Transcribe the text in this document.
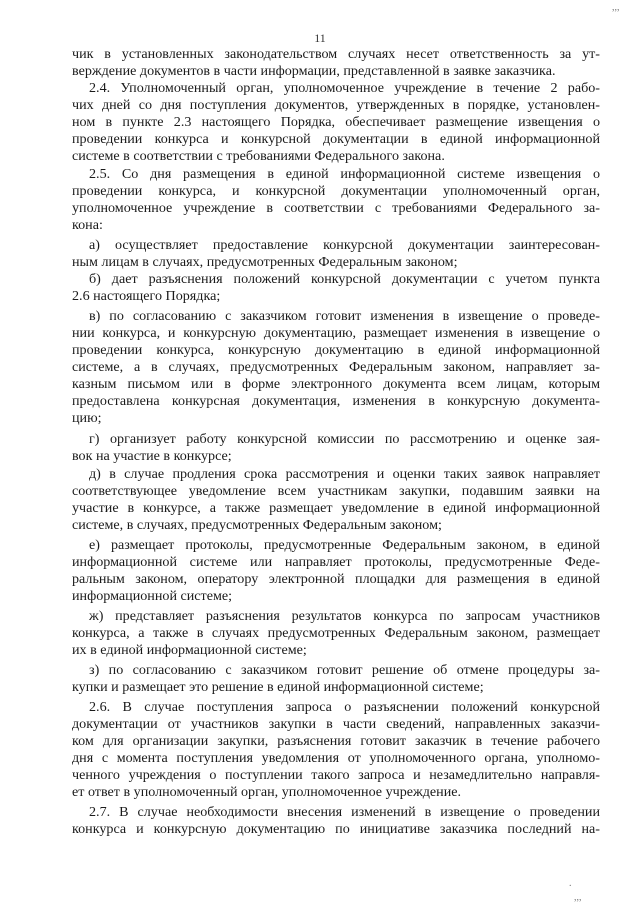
11

чик в установленных законодательством случаях несет ответственность за ут-

верждение документов в части информации, представленной в заявке заказчика.

2.4. Уполномоченный орган, уполномоченное учреждение в течение 2 рабо-

чих дней со дня поступления документов, утвержденных в порядке, установлен-

ном в пункте 2.3 настоящего Порядка, обеспечивает размещение извещения о

проведении конкурса и конкурсной документации в единой информационной

системе в соответствии с требованиями Федерального закона.

2.5. Со дня размещения в единой информационной системе извещения о

проведении конкурса, и конкурсной документации уполномоченный орган,

уполномоченное учреждение в соответствии с требованиями Федерального за-

кона:

а) осуществляет предоставление конкурсной документации заинтересован-

ным лицам в случаях, предусмотренных Федеральным законом;

б) дает разъяснения положений конкурсной документации с учетом пункта

2.6 настоящего Порядка;

в) по согласованию с заказчиком готовит изменения в извещение о проведе-

нии конкурса, и конкурсную документацию, размещает изменения в извещение о

проведении конкурса, конкурсную документацию в единой информационной

системе, а в случаях, предусмотренных Федеральным законом, направляет за-

казным письмом или в форме электронного документа всем лицам, которым

предоставлена конкурсная документация, изменения в конкурсную документа-

цию;

г) организует работу конкурсной комиссии по рассмотрению и оценке зая-

вок на участие в конкурсе;

д) в случае продления срока рассмотрения и оценки таких заявок направляет

соответствующее уведомление всем участникам закупки, подавшим заявки на

участие в конкурсе, а также размещает уведомление в единой информационной

системе, в случаях, предусмотренных Федеральным законом;

е) размещает протоколы, предусмотренные Федеральным законом, в единой

информационной системе или направляет протоколы, предусмотренные Феде-

ральным законом, оператору электронной площадки для размещения в единой

информационной системе;

ж) представляет разъяснения результатов конкурса по запросам участников

конкурса, а также в случаях предусмотренных Федеральным законом, размещает

их в единой информационной системе;

з) по согласованию с заказчиком готовит решение об отмене процедуры за-

купки и размещает это решение в единой информационной системе;

2.6. В случае поступления запроса о разъяснении положений конкурсной

документации от участников закупки в части сведений, направленных заказчи-

ком для организации закупки, разъяснения готовит заказчик в течение рабочего

дня с момента поступления уведомления от уполномоченного органа, уполномо-

ченного учреждения о поступлении такого запроса и незамедлительно направля-

ет ответ в уполномоченный орган, уполномоченное учреждение.

2.7. В случае необходимости внесения изменений в извещение о проведении

конкурса и конкурсную документацию по инициативе заказчика последний на-

,,,
.
,,,
